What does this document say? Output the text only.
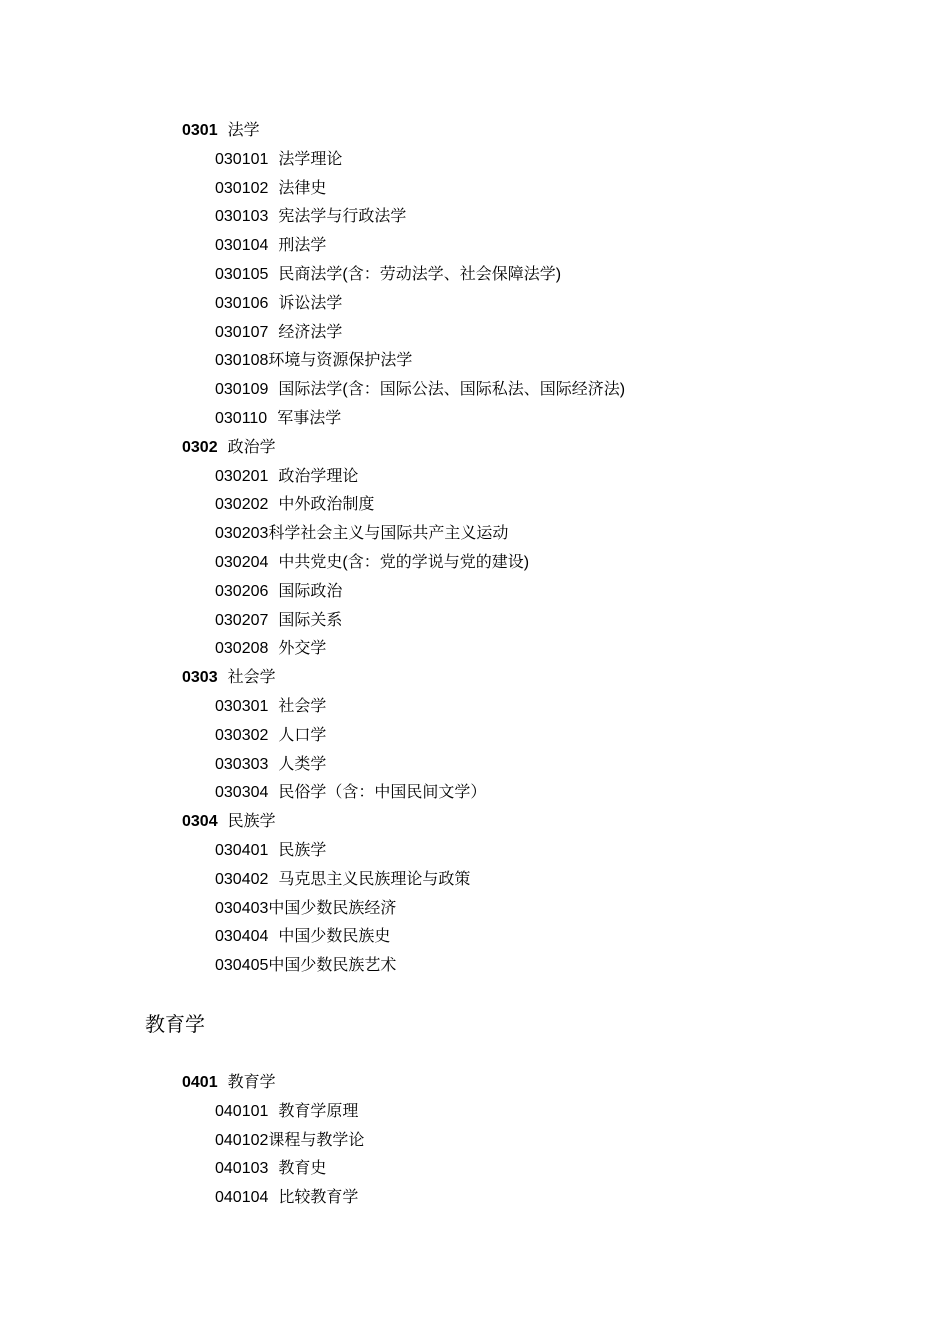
0301 法学
030101 法学理论
030102 法律史
030103 宪法学与行政法学
030104 刑法学
030105 民商法学(含：劳动法学、社会保障法学)
030106 诉讼法学
030107 经济法学
030108环境与资源保护法学
030109 国际法学(含：国际公法、国际私法、国际经济法)
030110 军事法学
0302 政治学
030201 政治学理论
030202 中外政治制度
030203科学社会主义与国际共产主义运动
030204 中共党史(含：党的学说与党的建设)
030206 国际政治
030207 国际关系
030208 外交学
0303 社会学
030301 社会学
030302 人口学
030303 人类学
030304 民俗学（含：中国民间文学）
0304 民族学
030401 民族学
030402 马克思主义民族理论与政策
030403中国少数民族经济
030404 中国少数民族史
030405中国少数民族艺术
教育学
0401 教育学
040101 教育学原理
040102课程与教学论
040103 教育史
040104 比较教育学
